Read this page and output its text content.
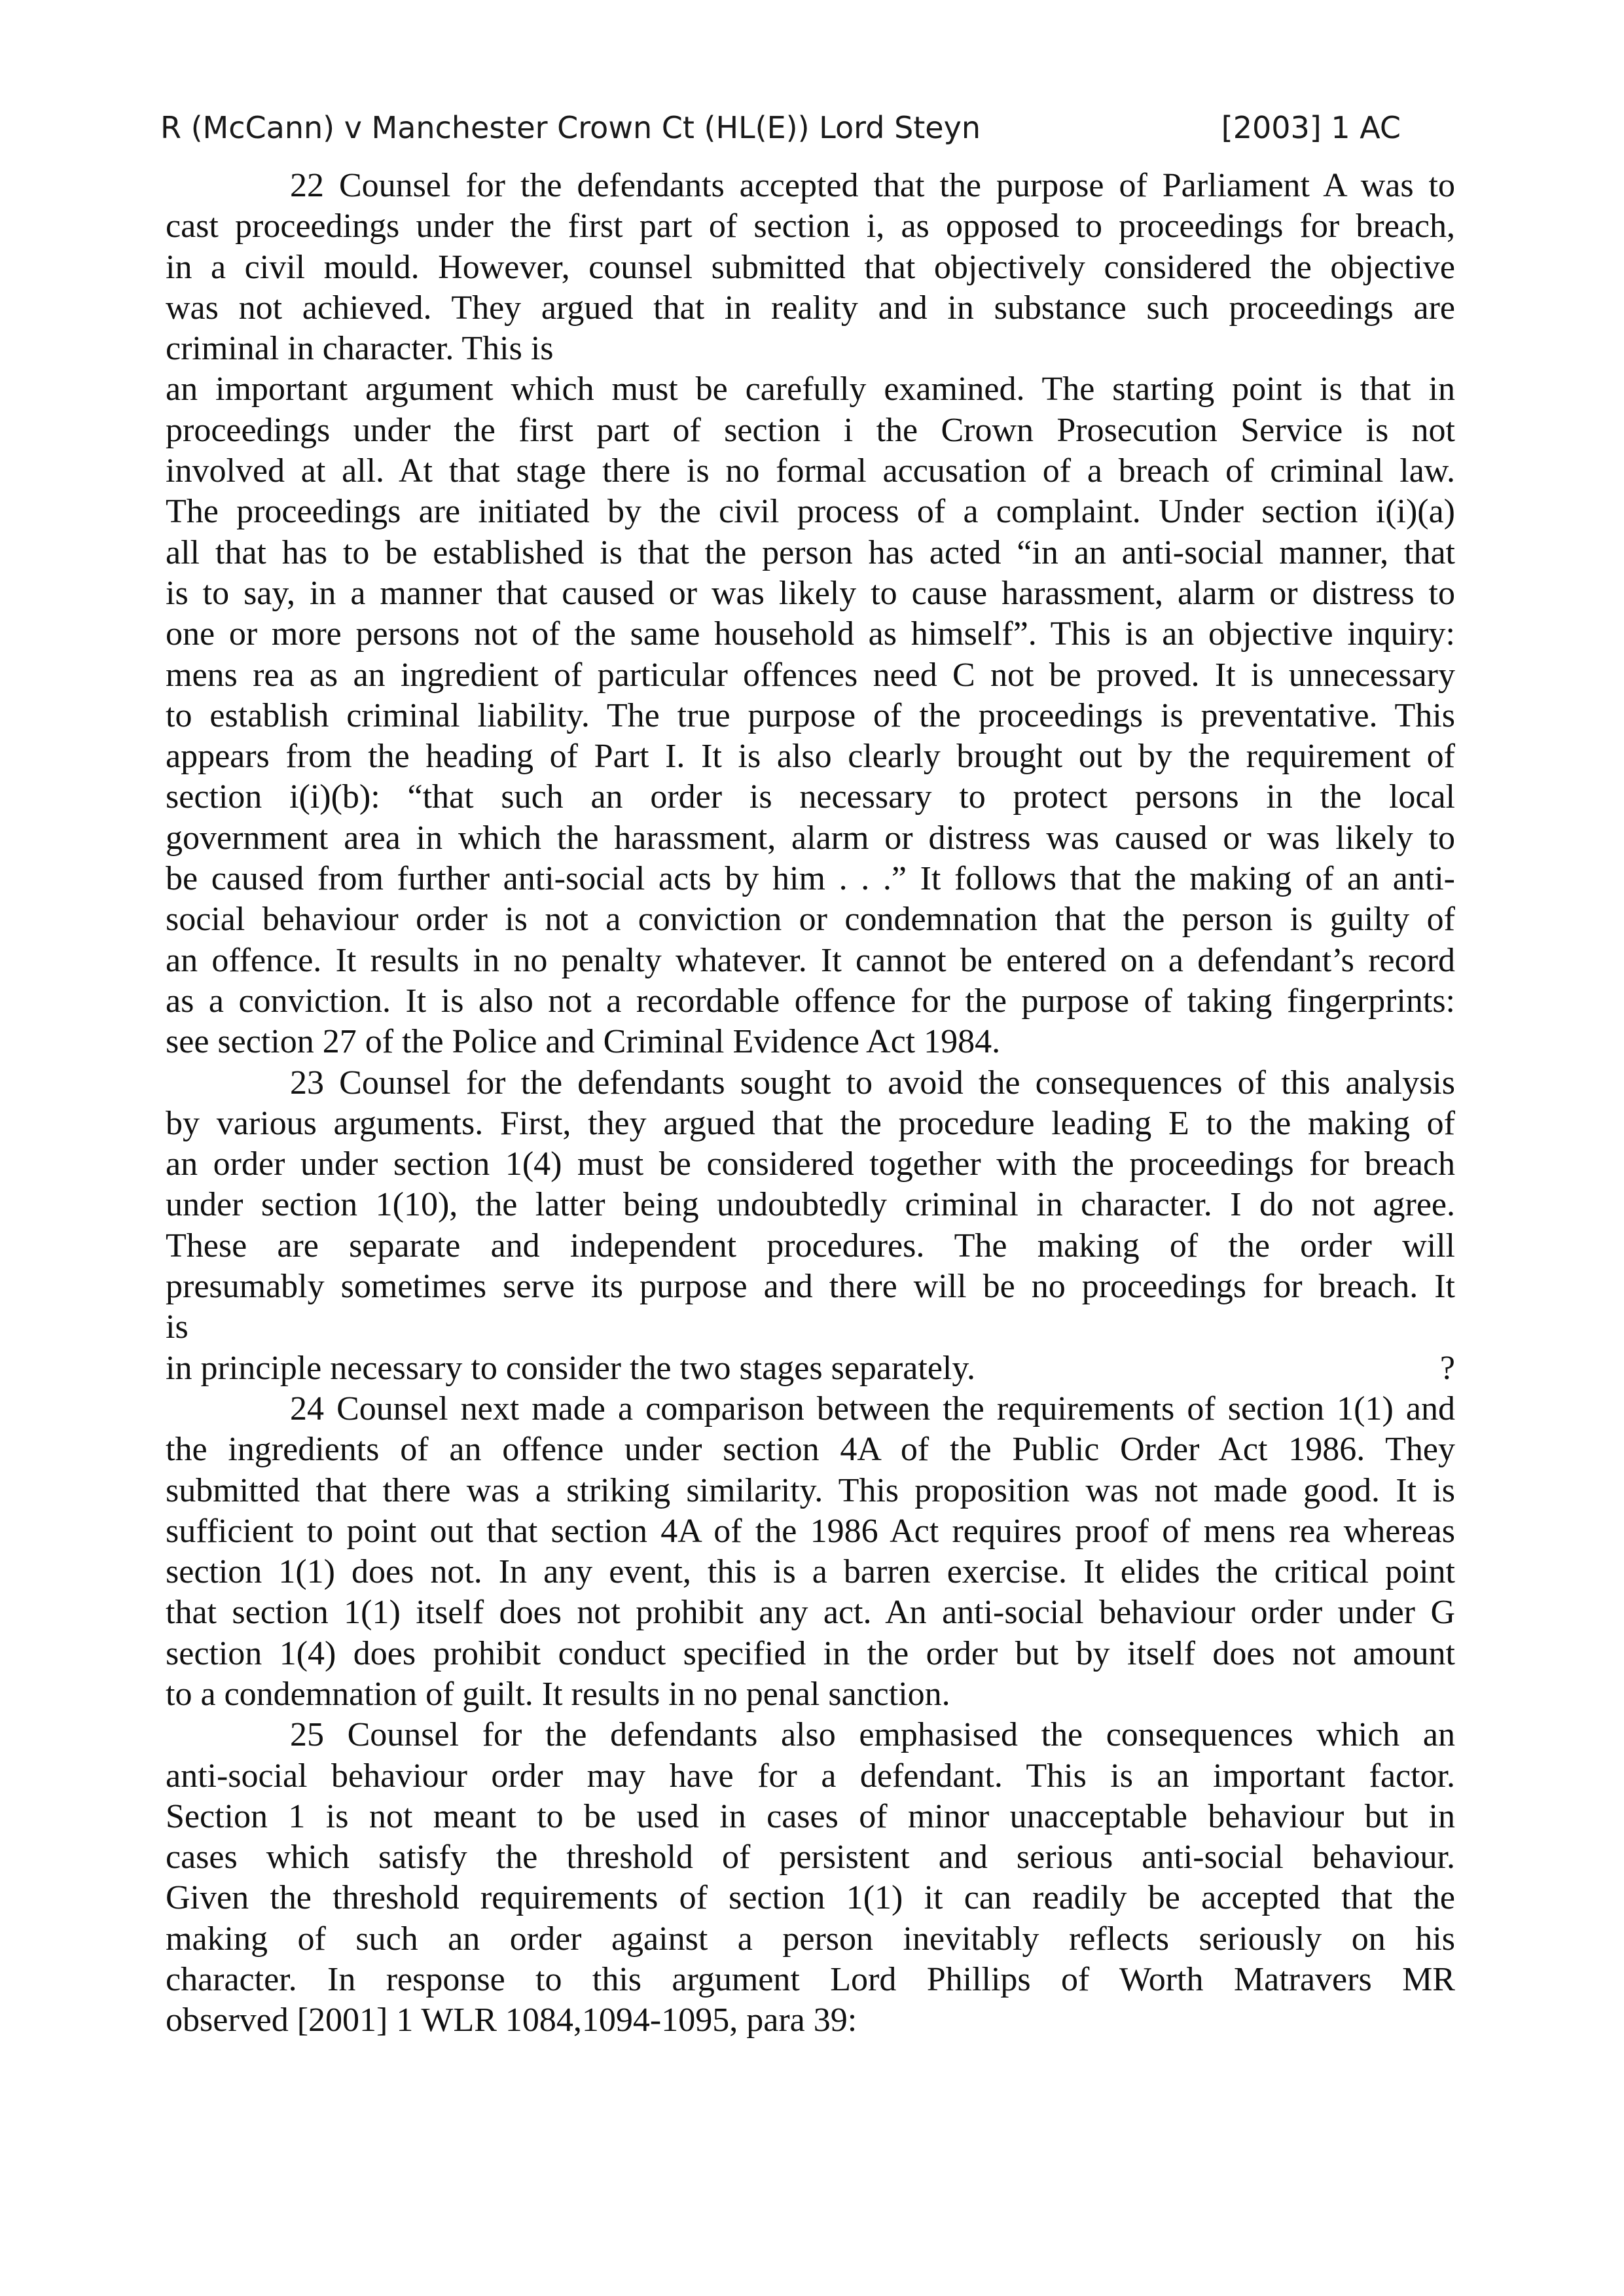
R (McCann) v Manchester Crown Ct (HL(E)) Lord Steyn	[2003] 1 AC
22 Counsel for the defendants accepted that the purpose of Parliament A was to
cast proceedings under the first part of section i, as opposed to proceedings for breach,
in a civil mould. However, counsel submitted that objectively considered the objective
was not achieved. They argued that in reality and in substance such proceedings are
criminal in character. This is
an important argument which must be carefully examined. The starting point is that in
proceedings under the first part of section i the Crown Prosecution Service is not
involved at all. At that stage there is no formal accusation of a breach of criminal law.
The proceedings are initiated by the civil process of a complaint. Under section i(i)(a)
all that has to be established is that the person has acted “in an anti-social manner, that
is to say, in a manner that caused or was likely to cause harassment, alarm or distress to
one or more persons not of the same household as himself”. This is an objective inquiry:
mens rea as an ingredient of particular offences need C not be proved. It is unnecessary
to establish criminal liability. The true purpose of the proceedings is preventative. This
appears from the heading of Part I. It is also clearly brought out by the requirement of
section i(i)(b): “that such an order is necessary to protect persons in the local
government area in which the harassment, alarm or distress was caused or was likely to
be caused from further anti-social acts by him . . .” It follows that the making of an anti-
social behaviour order is not a conviction or condemnation that the person is guilty of
an offence. It results in no penalty whatever. It cannot be entered on a defendant’s record
as a conviction. It is also not a recordable offence for the purpose of taking fingerprints:
see section 27 of the Police and Criminal Evidence Act 1984.
23 Counsel for the defendants sought to avoid the consequences of this analysis
by various arguments. First, they argued that the procedure leading E to the making of
an order under section 1(4) must be considered together with the proceedings for breach
under section 1(10), the latter being undoubtedly criminal in character. I do not agree.
These are separate and independent procedures. The making of the order will
presumably sometimes serve its purpose and there will be no proceedings for breach. It
is
in principle necessary to consider the two stages separately.	?
24 Counsel next made a comparison between the requirements of section 1(1) and
the ingredients of an offence under section 4A of the Public Order Act 1986. They
submitted that there was a striking similarity. This proposition was not made good. It is
sufficient to point out that section 4A of the 1986 Act requires proof of mens rea whereas
section 1(1) does not. In any event, this is a barren exercise. It elides the critical point
that section 1(1) itself does not prohibit any act. An anti-social behaviour order under G
section 1(4) does prohibit conduct specified in the order but by itself does not amount
to a condemnation of guilt. It results in no penal sanction.
25 Counsel for the defendants also emphasised the consequences which an
anti-social behaviour order may have for a defendant. This is an important factor.
Section 1 is not meant to be used in cases of minor unacceptable behaviour but in
cases which satisfy the threshold of persistent and serious anti-social behaviour.
Given the threshold requirements of section 1(1) it can readily be accepted that the
making of such an order against a person inevitably reflects seriously on his
character. In response to this argument Lord Phillips of Worth Matravers MR
observed [2001] 1 WLR 1084,1094-1095, para 39:
